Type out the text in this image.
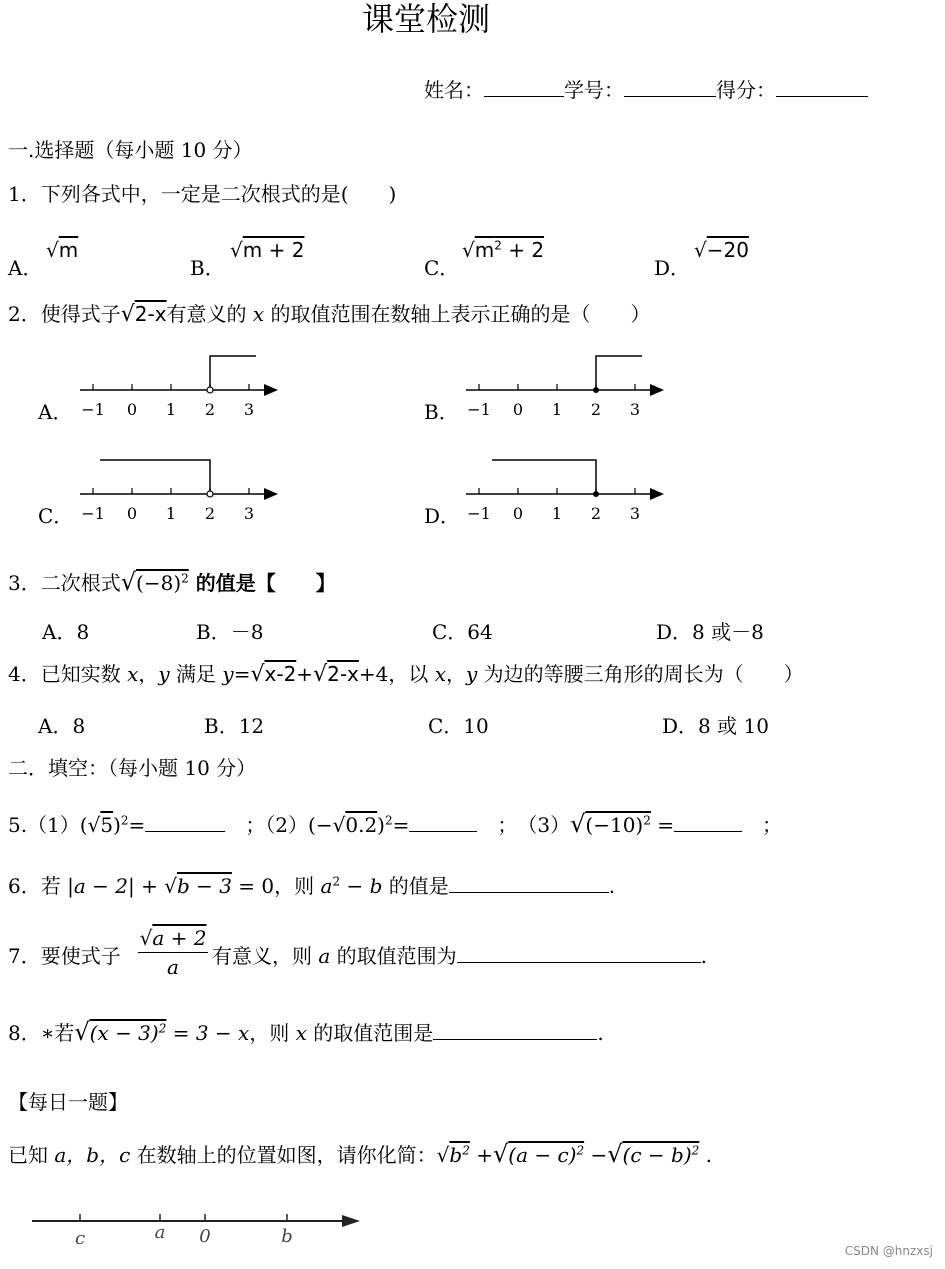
课堂检测
姓名：	学号：	得分：
一.选择题（每小题 10 分）
1．下列各式中，一定是二次根式的是(　　)
A．
√m
B．
√m + 2
C．
$√m^2 + 2$
D．
√−20
2．使得式子√2-x有意义的 x 的取值范围在数轴上表示正确的是（　　）
A．	B．
C．	D．
−1 0 1 2 3	−1 0 1 2 3
−1 0 1 2 3	−1 0 1 2 3
3．二次根式$√(-8)^2$ 的值是【　　】
A．8	B．－8	C．64	D．8 或－8
4．已知实数 x，y 满足 y=√x-2+√2-x+4，以 x，y 为边的等腰三角形的周长为（　　）
A．8	B．12	C．10	D．8 或 10
二．填空：（每小题 10 分）
$5.(1)(√5)^2=$　	；$(2)(-√0.2)^2=$　	；　$(3)√(-10)^2$ =　	；
6．若 |a − 2| + √b − 3 = 0，则 $a^2 - b$ 的值是	.
7．要使式子
√a + 2
a	有意义，则 a 的取值范围为	.
8．∗若$√(x - 3)^2 = 3 - x$，则 x 的取值范围是	.
【每日一题】
已知 a，b，c 在数轴上的位置如图，请你化简：$√b^2 +√(a - c)^2 -√(c - b)^2$ .
c	a 0	b
CSDN @hnzxsj
